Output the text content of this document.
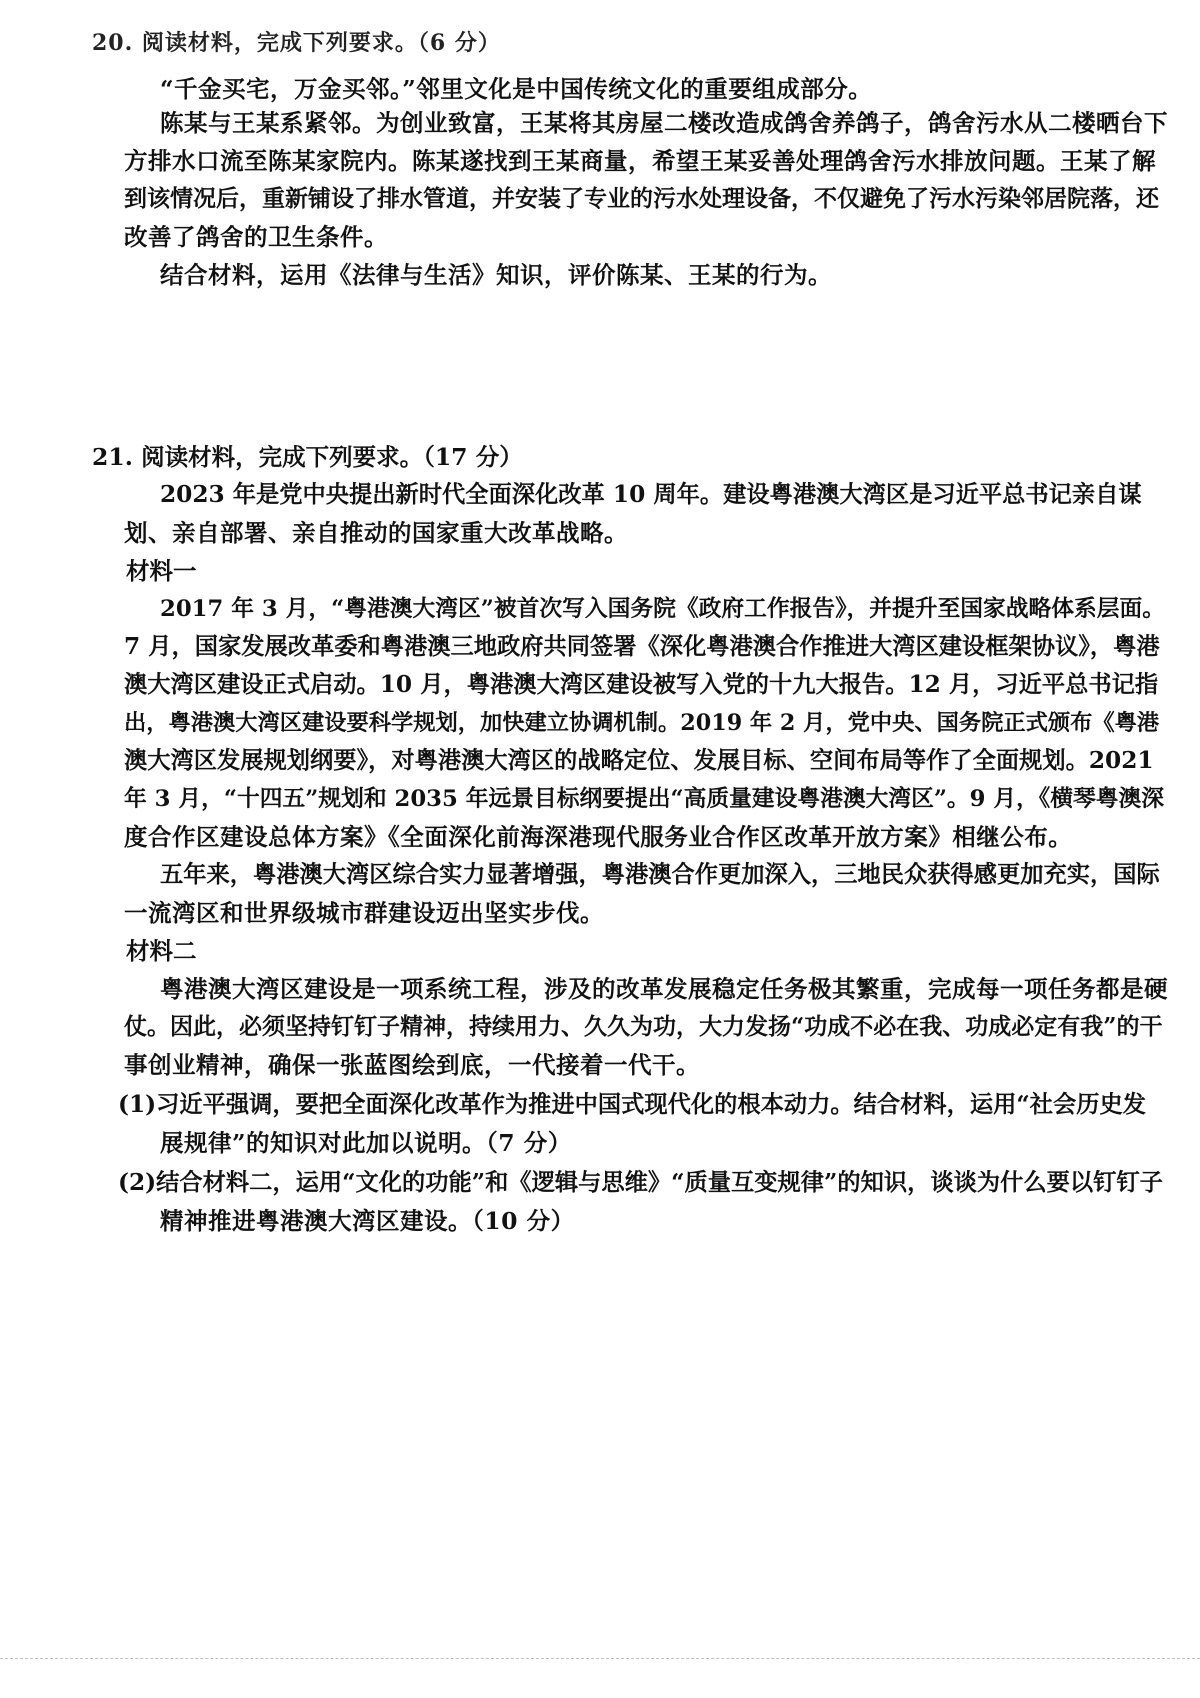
20. 阅读材料，完成下列要求。（6 分）
“千金买宅，万金买邻。”邻里文化是中国传统文化的重要组成部分。
陈某与王某系紧邻。为创业致富，王某将其房屋二楼改造成鸽舍养鸽子，鸽舍污水从二楼晒台下
方排水口流至陈某家院内。陈某遂找到王某商量，希望王某妥善处理鸽舍污水排放问题。王某了解
到该情况后，重新铺设了排水管道，并安装了专业的污水处理设备，不仅避免了污水污染邻居院落，还
改善了鸽舍的卫生条件。
结合材料，运用《法律与生活》知识，评价陈某、王某的行为。
21. 阅读材料，完成下列要求。（17 分）
2023 年是党中央提出新时代全面深化改革 10 周年。建设粤港澳大湾区是习近平总书记亲自谋
划、亲自部署、亲自推动的国家重大改革战略。
材料一
2017 年 3 月，“粤港澳大湾区”被首次写入国务院《政府工作报告》，并提升至国家战略体系层面。
7 月，国家发展改革委和粤港澳三地政府共同签署《深化粤港澳合作推进大湾区建设框架协议》，粤港
澳大湾区建设正式启动。10 月，粤港澳大湾区建设被写入党的十九大报告。12 月，习近平总书记指
出，粤港澳大湾区建设要科学规划，加快建立协调机制。2019 年 2 月，党中央、国务院正式颁布《粤港
澳大湾区发展规划纲要》，对粤港澳大湾区的战略定位、发展目标、空间布局等作了全面规划。2021
年 3 月，“十四五”规划和 2035 年远景目标纲要提出“高质量建设粤港澳大湾区”。9 月，《横琴粤澳深
度合作区建设总体方案》《全面深化前海深港现代服务业合作区改革开放方案》相继公布。
五年来，粤港澳大湾区综合实力显著增强，粤港澳合作更加深入，三地民众获得感更加充实，国际
一流湾区和世界级城市群建设迈出坚实步伐。
材料二
粤港澳大湾区建设是一项系统工程，涉及的改革发展稳定任务极其繁重，完成每一项任务都是硬
仗。因此，必须坚持钉钉子精神，持续用力、久久为功，大力发扬“功成不必在我、功成必定有我”的干
事创业精神，确保一张蓝图绘到底，一代接着一代干。
(1)习近平强调，要把全面深化改革作为推进中国式现代化的根本动力。结合材料，运用“社会历史发
展规律”的知识对此加以说明。（7 分）
(2)结合材料二，运用“文化的功能”和《逻辑与思维》“质量互变规律”的知识，谈谈为什么要以钉钉子
精神推进粤港澳大湾区建设。（10 分）
